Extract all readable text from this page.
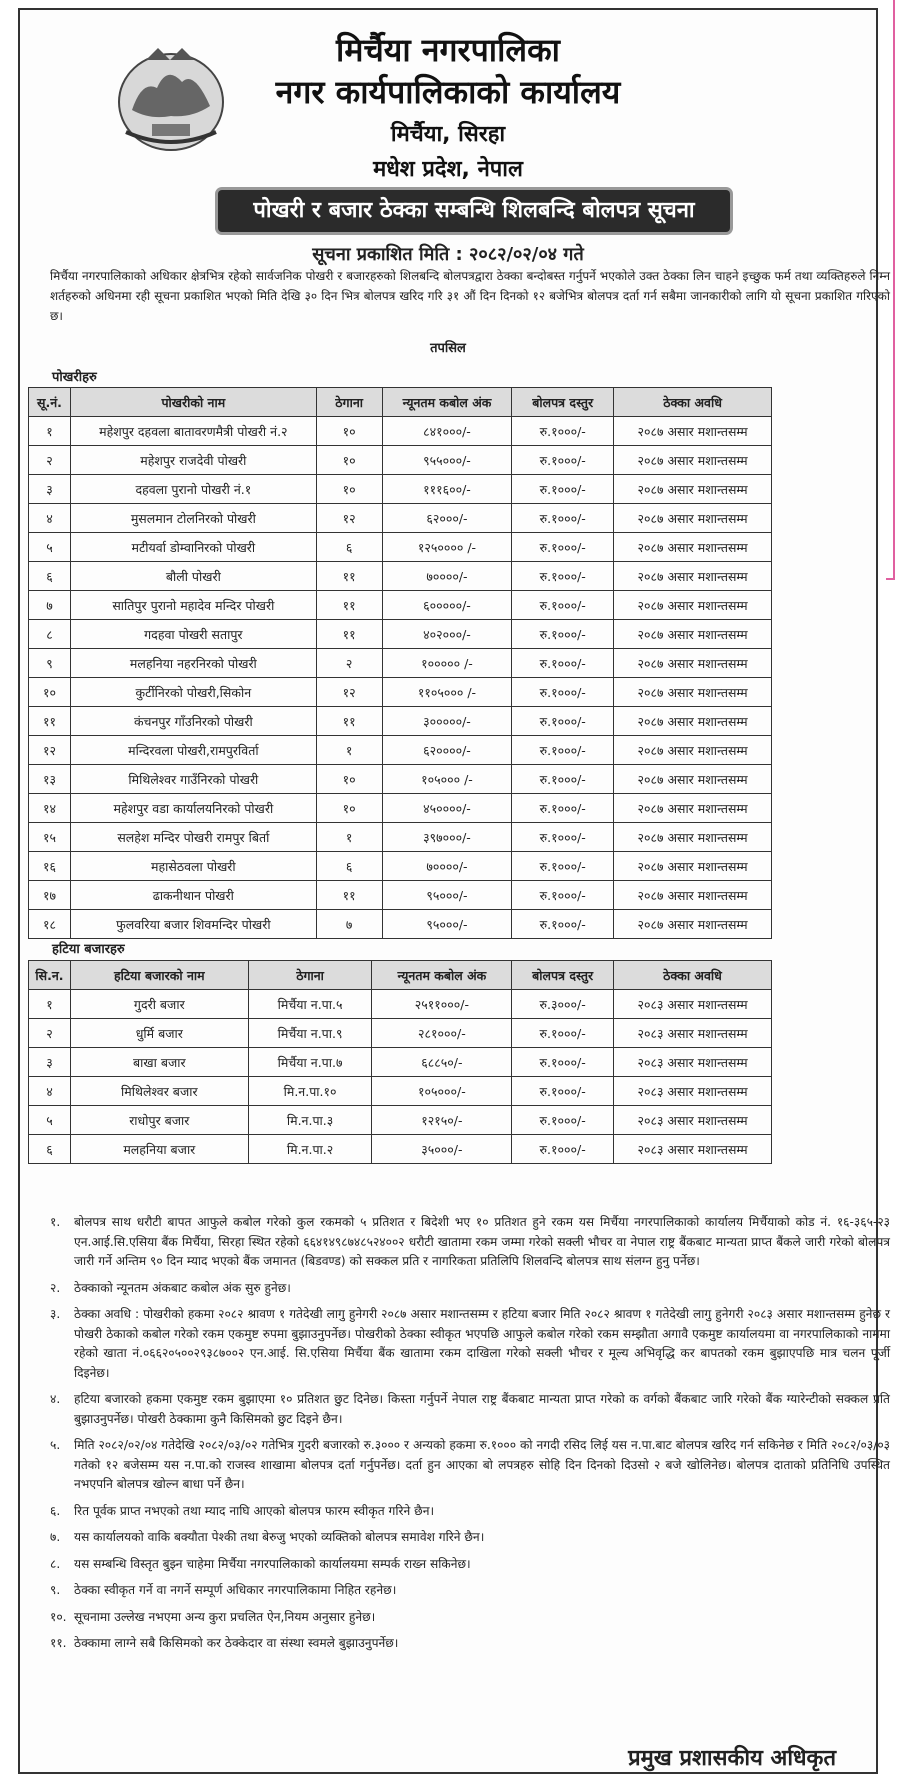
मिर्चैया नगरपालिका
नगर कार्यपालिकाको कार्यालय
मिर्चैया, सिरहा
मधेश प्रदेश, नेपाल
पोखरी र बजार ठेक्का सम्बन्धि शिलबन्दि बोलपत्र सूचना
सूचना प्रकाशित मिति : २०८२/०२/०४ गते
मिर्चैया नगरपालिकाको अधिकार क्षेत्रभित्र रहेको सार्वजनिक पोखरी र बजारहरुको शिलबन्दि बोलपत्रद्वारा ठेक्का बन्दोबस्त गर्नुपर्ने भएकोले उक्त ठेक्का लिन चाहने इच्छुक फर्म तथा व्यक्तिहरुले निम्न शर्तहरुको अधिनमा रही सूचना प्रकाशित भएको मिति देखि ३० दिन भित्र बोलपत्र खरिद गरि ३१ औं दिन दिनको १२ बजेभित्र बोलपत्र दर्ता गर्न सबैमा जानकारीको लागि यो सूचना प्रकाशित गरिएको छ।
तपसिल
पोखरीहरु
सू.नं.	पोखरीको नाम	ठेगाना	न्यूनतम कबोल अंक	बोलपत्र दस्तुर	ठेक्का अवधि
१	महेशपुर दहवला बातावरणमैत्री पोखरी नं.२	१०	८४१०००/-	रु.१०००/-	२०८७ असार मशान्तसम्म
२	महेशपुर राजदेवी पोखरी	१०	९५५०००/-	रु.१०००/-	२०८७ असार मशान्तसम्म
३	दहवला पुरानो पोखरी नं.१	१०	१११६००/-	रु.१०००/-	२०८७ असार मशान्तसम्म
४	मुसलमान टोलनिरको पोखरी	१२	६२०००/-	रु.१०००/-	२०८७ असार मशान्तसम्म
५	मटीयर्वा डोम्वानिरको पोखरी	६	१२५०००० /-	रु.१०००/-	२०८७ असार मशान्तसम्म
६	बौली पोखरी	११	७००००/-	रु.१०००/-	२०८७ असार मशान्तसम्म
७	सातिपुर पुरानो महादेव मन्दिर पोखरी	११	६०००००/-	रु.१०००/-	२०८७ असार मशान्तसम्म
८	गदहवा पोखरी सतापुर	११	४०२०००/-	रु.१०००/-	२०८७ असार मशान्तसम्म
९	मलहनिया नहरनिरको पोखरी	२	१००००० /-	रु.१०००/-	२०८७ असार मशान्तसम्म
१०	कुर्टीनिरको पोखरी,सिकोन	१२	११०५००० /-	रु.१०००/-	२०८७ असार मशान्तसम्म
११	कंचनपुर गाँउनिरको पोखरी	११	३०००००/-	रु.१०००/-	२०८७ असार मशान्तसम्म
१२	मन्दिरवला पोखरी,रामपुरविर्ता	१	६२००००/-	रु.१०००/-	२०८७ असार मशान्तसम्म
१३	मिथिलेश्वर गाउँनिरको पोखरी	१०	१०५००० /-	रु.१०००/-	२०८७ असार मशान्तसम्म
१४	महेशपुर वडा कार्यालयनिरको पोखरी	१०	४५००००/-	रु.१०००/-	२०८७ असार मशान्तसम्म
१५	सलहेश मन्दिर पोखरी रामपुर बिर्ता	१	३९७०००/-	रु.१०००/-	२०८७ असार मशान्तसम्म
१६	महासेठवला पोखरी	६	७००००/-	रु.१०००/-	२०८७ असार मशान्तसम्म
१७	ढाकनीथान पोखरी	११	९५०००/-	रु.१०००/-	२०८७ असार मशान्तसम्म
१८	फुलवरिया बजार शिवमन्दिर पोखरी	७	९५०००/-	रु.१०००/-	२०८७ असार मशान्तसम्म
हटिया बजारहरु
सि.न.	हटिया बजारको नाम	ठेगाना	न्यूनतम कबोल अंक	बोलपत्र दस्तुर	ठेक्का अवधि
१	गुदरी बजार	मिर्चैया न.पा.५	२५११०००/-	रु.३०००/-	२०८३ असार मशान्तसम्म
२	धुर्मि बजार	मिर्चैया न.पा.९	२८१०००/-	रु.१०००/-	२०८३ असार मशान्तसम्म
३	बाखा बजार	मिर्चैया न.पा.७	६८८५०/-	रु.१०००/-	२०८३ असार मशान्तसम्म
४	मिथिलेश्वर बजार	मि.न.पा.१०	१०५०००/-	रु.१०००/-	२०८३ असार मशान्तसम्म
५	राधोपुर बजार	मि.न.पा.३	१२१५०/-	रु.१०००/-	२०८३ असार मशान्तसम्म
६	मलहनिया बजार	मि.न.पा.२	३५०००/-	रु.१०००/-	२०८३ असार मशान्तसम्म
१.	बोलपत्र साथ धरौटी बापत आफुले कबोल गरेको कुल रकमको ५ प्रतिशत र बिदेशी भए १० प्रतिशत हुने रकम यस मिर्चैया नगरपालिकाको कार्यालय मिर्चैयाको कोड नं. १६-३६५-२३ एन.आई.सि.एसिया बैंक मिर्चैया, सिरहा स्थित रहेको ६६४१४९८७४८५२४००२ धरौटी खातामा रकम जम्मा गरेको सक्ली भौचर वा नेपाल राष्ट्र बैंकबाट मान्यता प्राप्त बैंकले जारी गरेको बोलपत्र जारी गर्ने अन्तिम ९० दिन म्याद भएको बैंक जमानत (बिडवण्ड) को सक्कल प्रति र नागरिकता प्रतिलिपि शिलवन्दि बोलपत्र साथ संलग्न हुनु पर्नेछ।
२.	ठेक्काको न्यूनतम अंकबाट कबोल अंक सुरु हुनेछ।
३.	ठेक्का अवधि : पोखरीको हकमा २०८२ श्रावण १ गतेदेखी लागु हुनेगरी २०८७ असार मशान्तसम्म र हटिया बजार मिति २०८२ श्रावण १ गतेदेखी लागु हुनेगरी २०८३ असार मशान्तसम्म हुनेछ र पोखरी ठेकाको कबोल गरेको रकम एकमुष्ट रुपमा बुझाउनुपर्नेछ। पोखरीको ठेक्का स्वीकृत भएपछि आफुले कबोल गरेको रकम सम्झौता अगावै एकमुष्ट कार्यालयमा वा नगरपालिकाको नाममा रहेको खाता नं.०६६२०५००२९३८७००२ एन.आई. सि.एसिया मिर्चैया बैंक खातामा रकम दाखिला गरेको सक्ली भौचर र मूल्य अभिवृद्धि कर बापतको रकम बुझाएपछि मात्र चलन पूर्जी दिइनेछ।
४.	हटिया बजारको हकमा एकमुष्ट रकम बुझाएमा १० प्रतिशत छुट दिनेछ। किस्ता गर्नुपर्ने नेपाल राष्ट्र बैंकबाट मान्यता प्राप्त गरेको क वर्गको बैंकबाट जारि गरेको बैंक ग्यारेन्टीको सक्कल प्रति बुझाउनुपर्नेछ। पोखरी ठेक्कामा कुनै किसिमको छुट दिइने छैन।
५.	मिति २०८२/०२/०४ गतेदेखि २०८२/०३/०२ गतेभित्र गुदरी बजारको रु.३००० र अन्यको हकमा रु.१००० को नगदी रसिद लिई यस न.पा.बाट बोलपत्र खरिद गर्न सकिनेछ र मिति २०८२/०३/०३ गतेको १२ बजेसम्म यस न.पा.को राजस्व शाखामा बोलपत्र दर्ता गर्नुपर्नेछ। दर्ता हुन आएका बो लपत्रहरु सोहि दिन दिनको दिउसो २ बजे खोलिनेछ। बोलपत्र दाताको प्रतिनिधि उपस्थित नभएपनि बोलपत्र खोल्न बाधा पर्ने छैन।
६.	रित पूर्वक प्राप्त नभएको तथा म्याद नाघि आएको बोलपत्र फारम स्वीकृत गरिने छैन।
७.	यस कार्यालयको वाकि बक्यौता पेश्की तथा बेरुजु भएको व्यक्तिको बोलपत्र समावेश गरिने छैन।
८.	यस सम्बन्धि विस्तृत बुझ्न चाहेमा मिर्चैया नगरपालिकाको कार्यालयमा सम्पर्क राख्न सकिनेछ।
९.	ठेक्का स्वीकृत गर्ने वा नगर्ने सम्पूर्ण अधिकार नगरपालिकामा निहित रहनेछ।
१०. सूचनामा उल्लेख नभएमा अन्य कुरा प्रचलित ऐन,नियम अनुसार हुनेछ।
११. ठेक्कामा लाग्ने सबै किसिमको कर ठेक्केदार वा संस्था स्वमले बुझाउनुपर्नेछ।
प्रमुख प्रशासकीय अधिकृत
